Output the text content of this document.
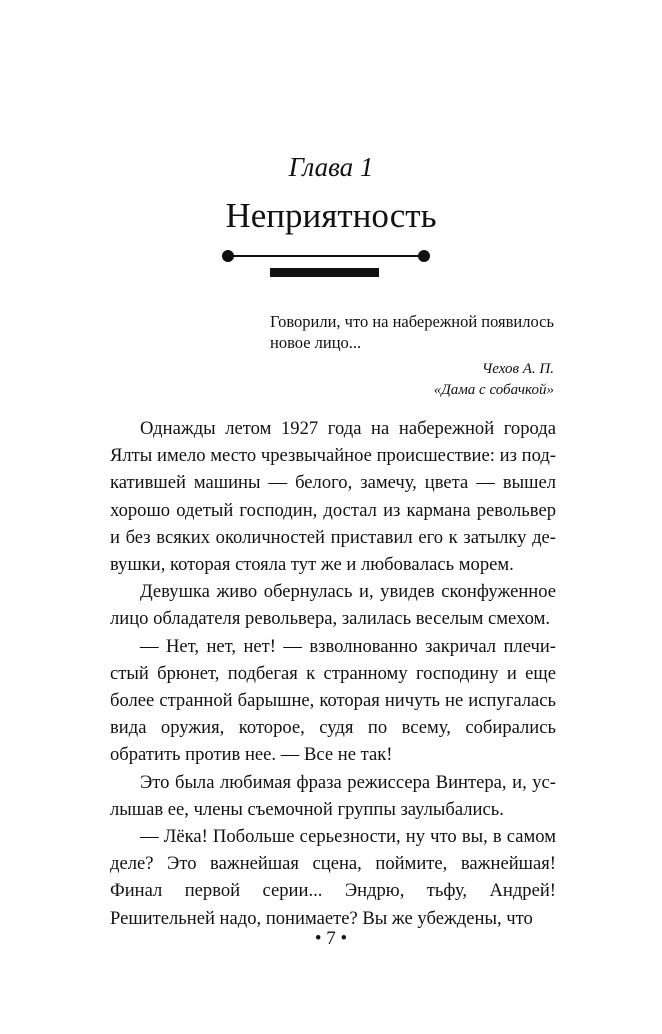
Глава 1
Неприятность

Говорили, что на набережной появилось новое лицо...

Чехов А. П.
«Дама с собачкой»

Однажды летом 1927 года на набережной города Ялты имело место чрезвычайное происшествие: из подкатившей машины — белого, замечу, цвета — вышел хорошо одетый господин, достал из кармана револьвер и без всяких околичностей приставил его к затылку девушки, которая стояла тут же и любовалась морем.

Девушка живо обернулась и, увидев сконфуженное лицо обладателя револьвера, залилась веселым смехом.

— Нет, нет, нет! — взволнованно закричал плечистый брюнет, подбегая к странному господину и еще более странной барышне, которая ничуть не испугалась вида оружия, которое, судя по всему, собирались обратить против нее. — Все не так!

Это была любимая фраза режиссера Винтера, и, услышав ее, члены съемочной группы заулыбались.

— Лёка! Побольше серьезности, ну что вы, в самом деле? Это важнейшая сцена, поймите, важнейшая! Финал первой серии... Эндрю, тьфу, Андрей! Решительней надо, понимаете? Вы же убеждены, что

• 7 •
